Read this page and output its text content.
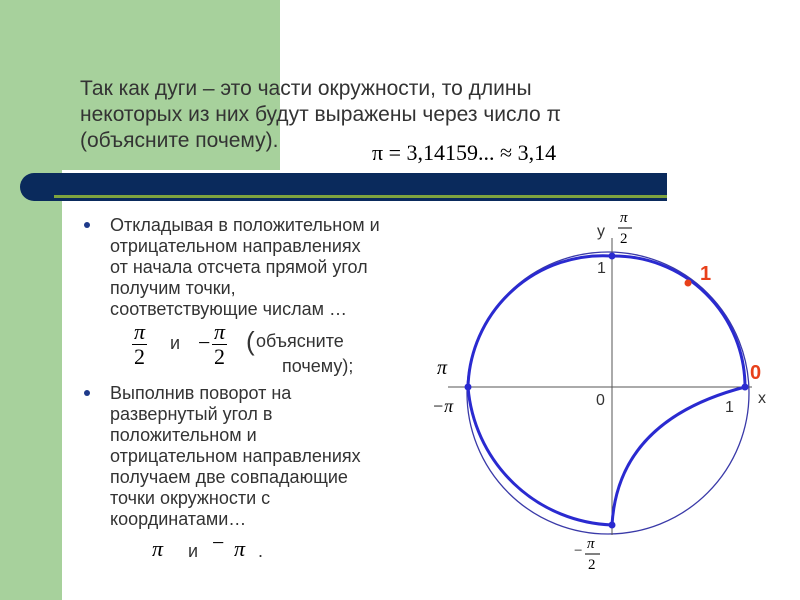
Так как дуги – это части окружности, то длины
некоторых из них будут выражены через число π
(объясните почему).	π = 3,14159... ≈ 3,14
Откладывая в положительном и
отрицательном направлениях
от начала отсчета прямой угол
получим точки,
соответствующие числам …
$\frac{\pi}{2}$ $и - \frac{\pi}{2}$ ( объясните
почему);
Выполнив поворот на
развернутый угол в
положительном и
отрицательном направлениях
получаем две совпадающие
точки окружности с
координатами…
π и − π .
y
x
0	1
1
0
1
π
2
π
−π
− π
2
